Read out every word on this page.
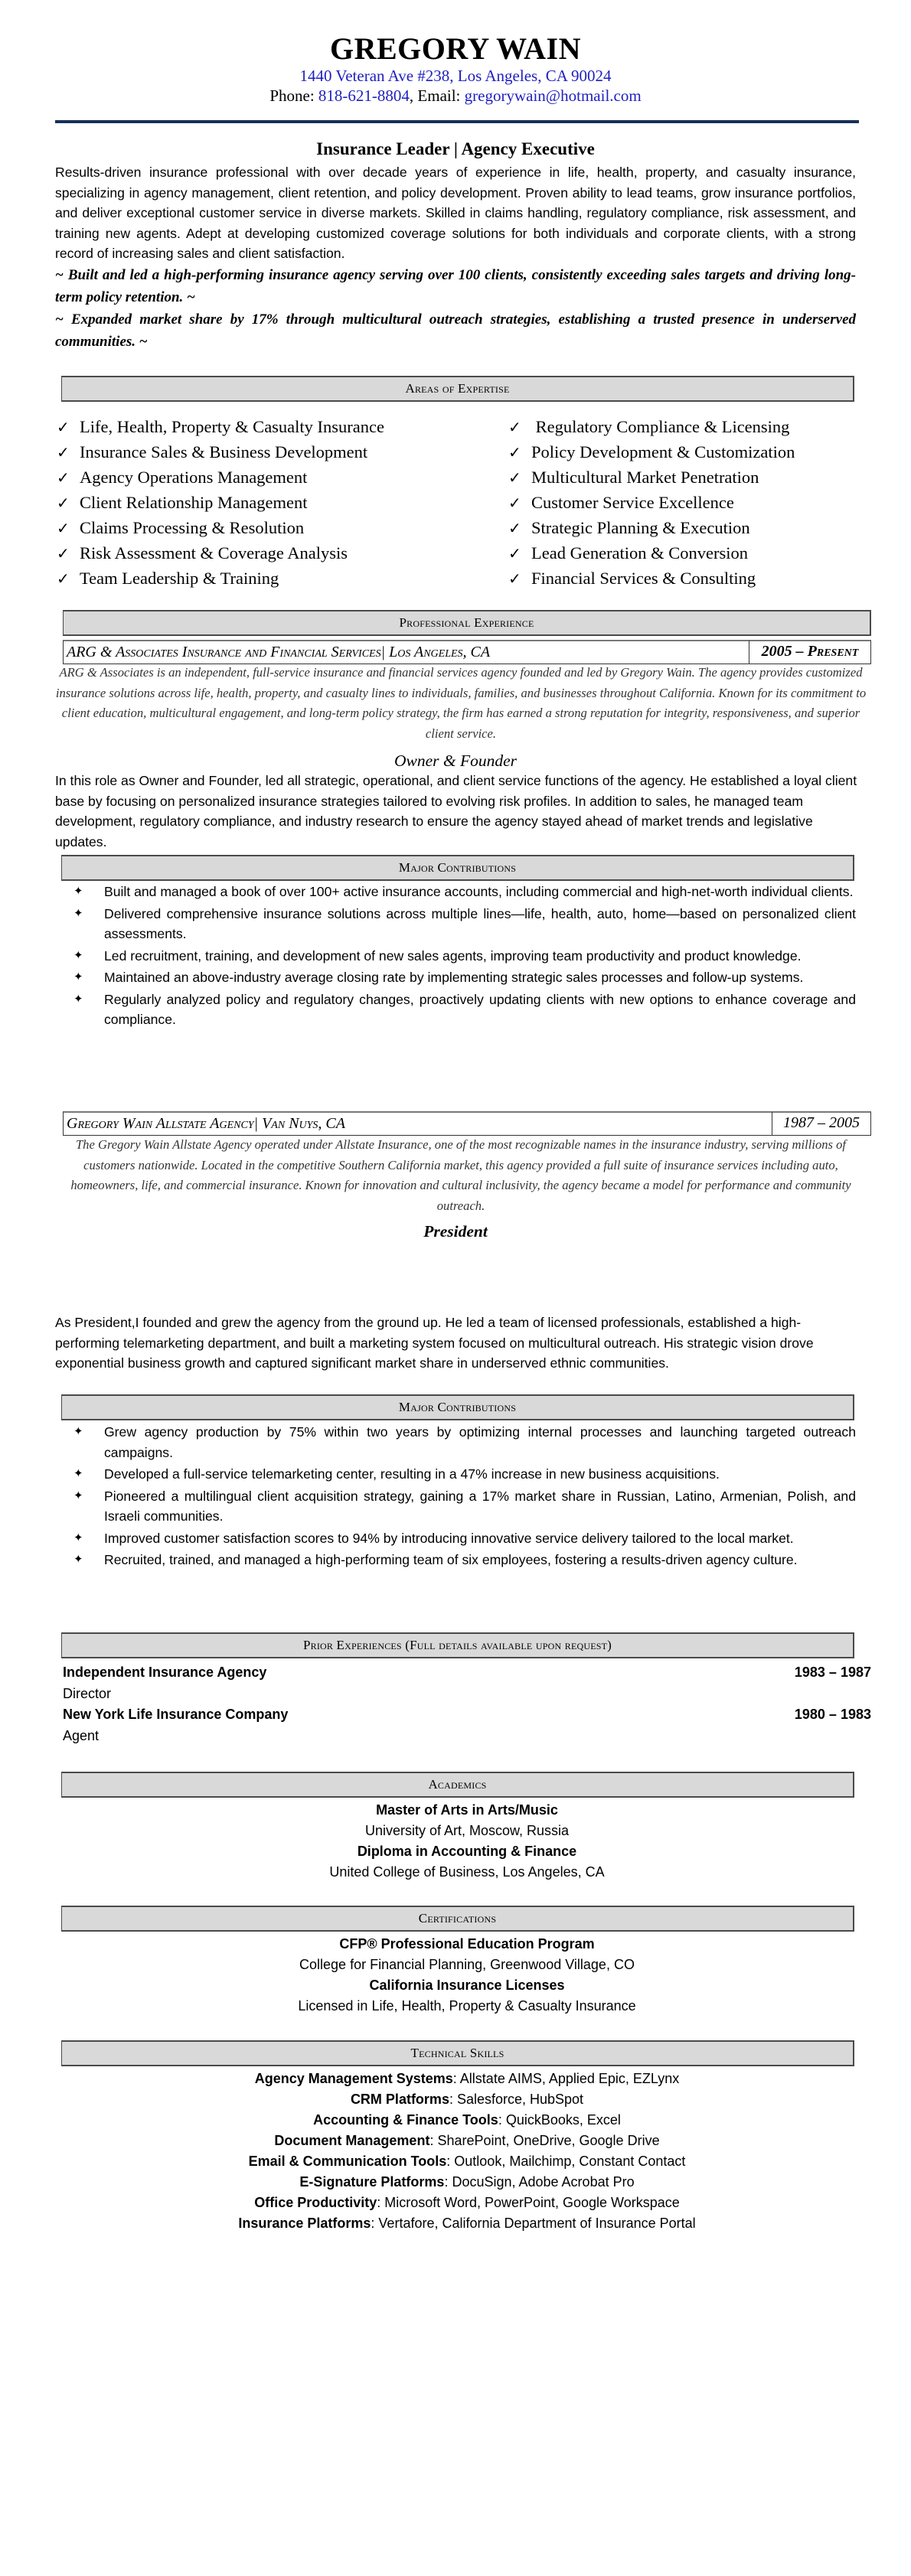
GREGORY WAIN
1440 Veteran Ave #238, Los Angeles, CA 90024
Phone: 818-621-8804, Email: gregorywain@hotmail.com
Insurance Leader | Agency Executive
Results-driven insurance professional with over decade years of experience in life, health, property, and casualty insurance, specializing in agency management, client retention, and policy development. Proven ability to lead teams, grow insurance portfolios, and deliver exceptional customer service in diverse markets. Skilled in claims handling, regulatory compliance, risk assessment, and training new agents. Adept at developing customized coverage solutions for both individuals and corporate clients, with a strong record of increasing sales and client satisfaction.
~ Built and led a high-performing insurance agency serving over 100 clients, consistently exceeding sales targets and driving long-term policy retention. ~
~ Expanded market share by 17% through multicultural outreach strategies, establishing a trusted presence in underserved communities. ~
Areas of Expertise
✓ Life, Health, Property & Casualty Insurance
✓ Insurance Sales & Business Development
✓ Agency Operations Management
✓ Client Relationship Management
✓ Claims Processing & Resolution
✓ Risk Assessment & Coverage Analysis
✓ Team Leadership & Training
✓ Regulatory Compliance & Licensing
✓ Policy Development & Customization
✓ Multicultural Market Penetration
✓ Customer Service Excellence
✓ Strategic Planning & Execution
✓ Lead Generation & Conversion
✓ Financial Services & Consulting
Professional Experience
ARG & Associates Insurance and Financial Services| Los Angeles, CA	2005 – Present
ARG & Associates is an independent, full-service insurance and financial services agency founded and led by Gregory Wain. The agency provides customized insurance solutions across life, health, property, and casualty lines to individuals, families, and businesses throughout California. Known for its commitment to client education, multicultural engagement, and long-term policy strategy, the firm has earned a strong reputation for integrity, responsiveness, and superior client service.
Owner & Founder
In this role as Owner and Founder, led all strategic, operational, and client service functions of the agency. He established a loyal client base by focusing on personalized insurance strategies tailored to evolving risk profiles. In addition to sales, he managed team development, regulatory compliance, and industry research to ensure the agency stayed ahead of market trends and legislative updates.
Major Contributions
✦ Built and managed a book of over 100+ active insurance accounts, including commercial and high-net-worth individual clients.
✦ Delivered comprehensive insurance solutions across multiple lines—life, health, auto, home—based on personalized client assessments.
✦ Led recruitment, training, and development of new sales agents, improving team productivity and product knowledge.
✦ Maintained an above-industry average closing rate by implementing strategic sales processes and follow-up systems.
✦ Regularly analyzed policy and regulatory changes, proactively updating clients with new options to enhance coverage and compliance.
Gregory Wain Allstate Agency| Van Nuys, CA	1987 – 2005
The Gregory Wain Allstate Agency operated under Allstate Insurance, one of the most recognizable names in the insurance industry, serving millions of customers nationwide. Located in the competitive Southern California market, this agency provided a full suite of insurance services including auto, homeowners, life, and commercial insurance. Known for innovation and cultural inclusivity, the agency became a model for performance and community outreach.
President
As President,I founded and grew the agency from the ground up. He led a team of licensed professionals, established a high-performing telemarketing department, and built a marketing system focused on multicultural outreach. His strategic vision drove exponential business growth and captured significant market share in underserved ethnic communities.
Major Contributions
✦ Grew agency production by 75% within two years by optimizing internal processes and launching targeted outreach campaigns.
✦ Developed a full-service telemarketing center, resulting in a 47% increase in new business acquisitions.
✦ Pioneered a multilingual client acquisition strategy, gaining a 17% market share in Russian, Latino, Armenian, Polish, and Israeli communities.
✦ Improved customer satisfaction scores to 94% by introducing innovative service delivery tailored to the local market.
✦ Recruited, trained, and managed a high-performing team of six employees, fostering a results-driven agency culture.
Prior Experiences (Full details available upon request)
Independent Insurance Agency	1983 – 1987
Director
New York Life Insurance Company	1980 – 1983
Agent
Academics
Master of Arts in Arts/Music
University of Art, Moscow, Russia
Diploma in Accounting & Finance
United College of Business, Los Angeles, CA
Certifications
CFP® Professional Education Program
College for Financial Planning, Greenwood Village, CO
California Insurance Licenses
Licensed in Life, Health, Property & Casualty Insurance
Technical Skills
Agency Management Systems: Allstate AIMS, Applied Epic, EZLynx
CRM Platforms: Salesforce, HubSpot
Accounting & Finance Tools: QuickBooks, Excel
Document Management: SharePoint, OneDrive, Google Drive
Email & Communication Tools: Outlook, Mailchimp, Constant Contact
E-Signature Platforms: DocuSign, Adobe Acrobat Pro
Office Productivity: Microsoft Word, PowerPoint, Google Workspace
Insurance Platforms: Vertafore, California Department of Insurance Portal
